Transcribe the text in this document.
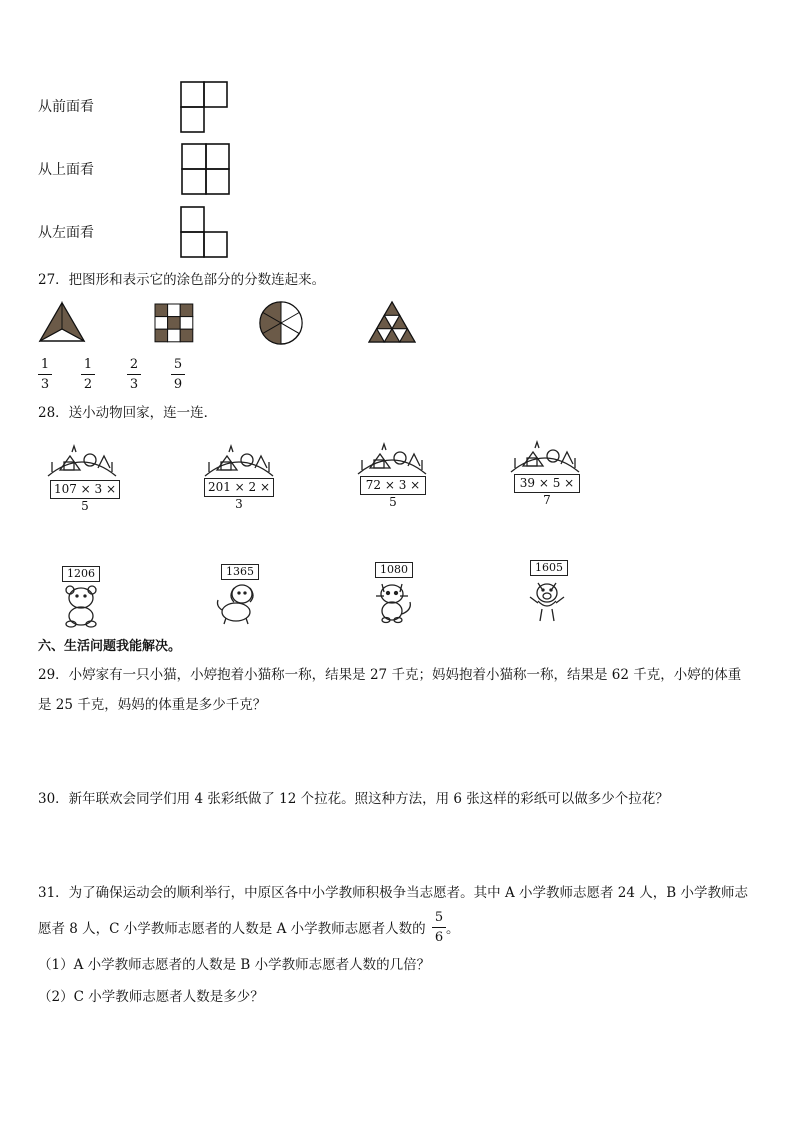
从前面看
从上面看
从左面看
27．把图形和表示它的涂色部分的分数连起来。
1
3
1
2
2
3
5
9
28．送小动物回家，连一连．
107 × 3 × 5
201 × 2 × 3
72 × 3 × 5
39 × 5 × 7
1206	1365	1080	1605
六、生活问题我能解决。
29．小婷家有一只小猫，小婷抱着小猫称一称，结果是 27 千克；妈妈抱着小猫称一称，结果是 62 千克，小婷的体重
是 25 千克，妈妈的体重是多少千克？
30．新年联欢会同学们用 4 张彩纸做了 12 个拉花。照这种方法，用 6 张这样的彩纸可以做多少个拉花？
31．为了确保运动会的顺利举行，中原区各中小学教师积极争当志愿者。其中 A 小学教师志愿者 24 人，B 小学教师志
愿者 8 人，C 小学教师志愿者的人数是 A 小学教师志愿者人数的
5
6
。
（1）A 小学教师志愿者的人数是 B 小学教师志愿者人数的几倍？
（2）C 小学教师志愿者人数是多少？
